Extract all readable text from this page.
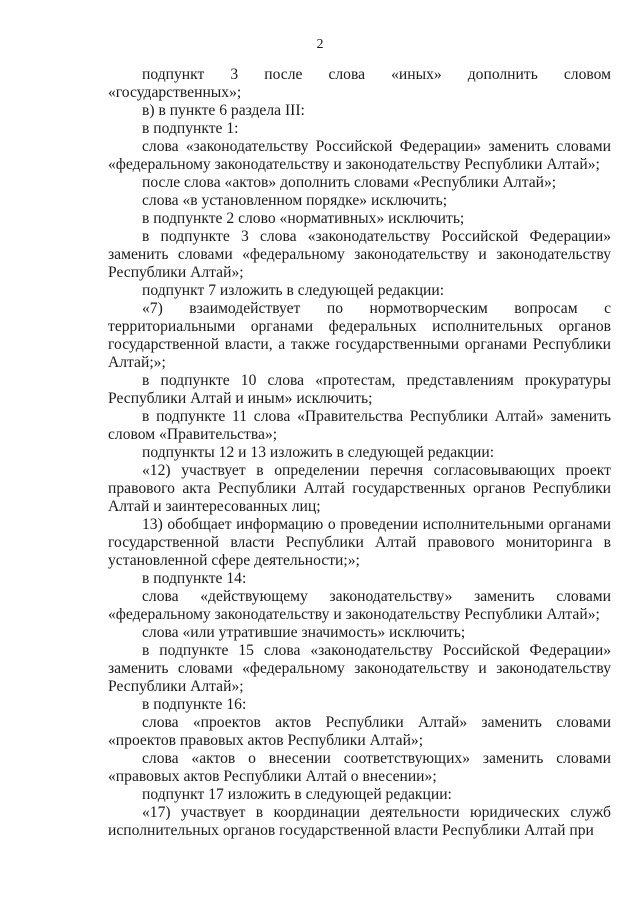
2

подпункт 3 после слова «иных» дополнить словом «государственных»;

в) в пункте 6 раздела III:

в подпункте 1:

слова «законодательству Российской Федерации» заменить словами «федеральному законодательству и законодательству Республики Алтай»;

после слова «актов» дополнить словами «Республики Алтай»;

слова «в установленном порядке» исключить;

в подпункте 2 слово «нормативных» исключить;

в подпункте 3 слова «законодательству Российской Федерации» заменить словами «федеральному законодательству и законодательству Республики Алтай»;

подпункт 7 изложить в следующей редакции:

«7) взаимодействует по нормотворческим вопросам с территориальными органами федеральных исполнительных органов государственной власти, а также государственными органами Республики Алтай;»;

в подпункте 10 слова «протестам, представлениям прокуратуры Республики Алтай и иным» исключить;

в подпункте 11 слова «Правительства Республики Алтай» заменить словом «Правительства»;

подпункты 12 и 13 изложить в следующей редакции:

«12) участвует в определении перечня согласовывающих проект правового акта Республики Алтай государственных органов Республики Алтай и заинтересованных лиц;

13) обобщает информацию о проведении исполнительными органами государственной власти Республики Алтай правового мониторинга в установленной сфере деятельности;»;

в подпункте 14:

слова «действующему законодательству» заменить словами «федеральному законодательству и законодательству Республики Алтай»;

слова «или утратившие значимость» исключить;

в подпункте 15 слова «законодательству Российской Федерации» заменить словами «федеральному законодательству и законодательству Республики Алтай»;

в подпункте 16:

слова «проектов актов Республики Алтай» заменить словами «проектов правовых актов Республики Алтай»;

слова «актов о внесении соответствующих» заменить словами «правовых актов Республики Алтай о внесении»;

подпункт 17 изложить в следующей редакции:

«17) участвует в координации деятельности юридических служб исполнительных органов государственной власти Республики Алтай при
